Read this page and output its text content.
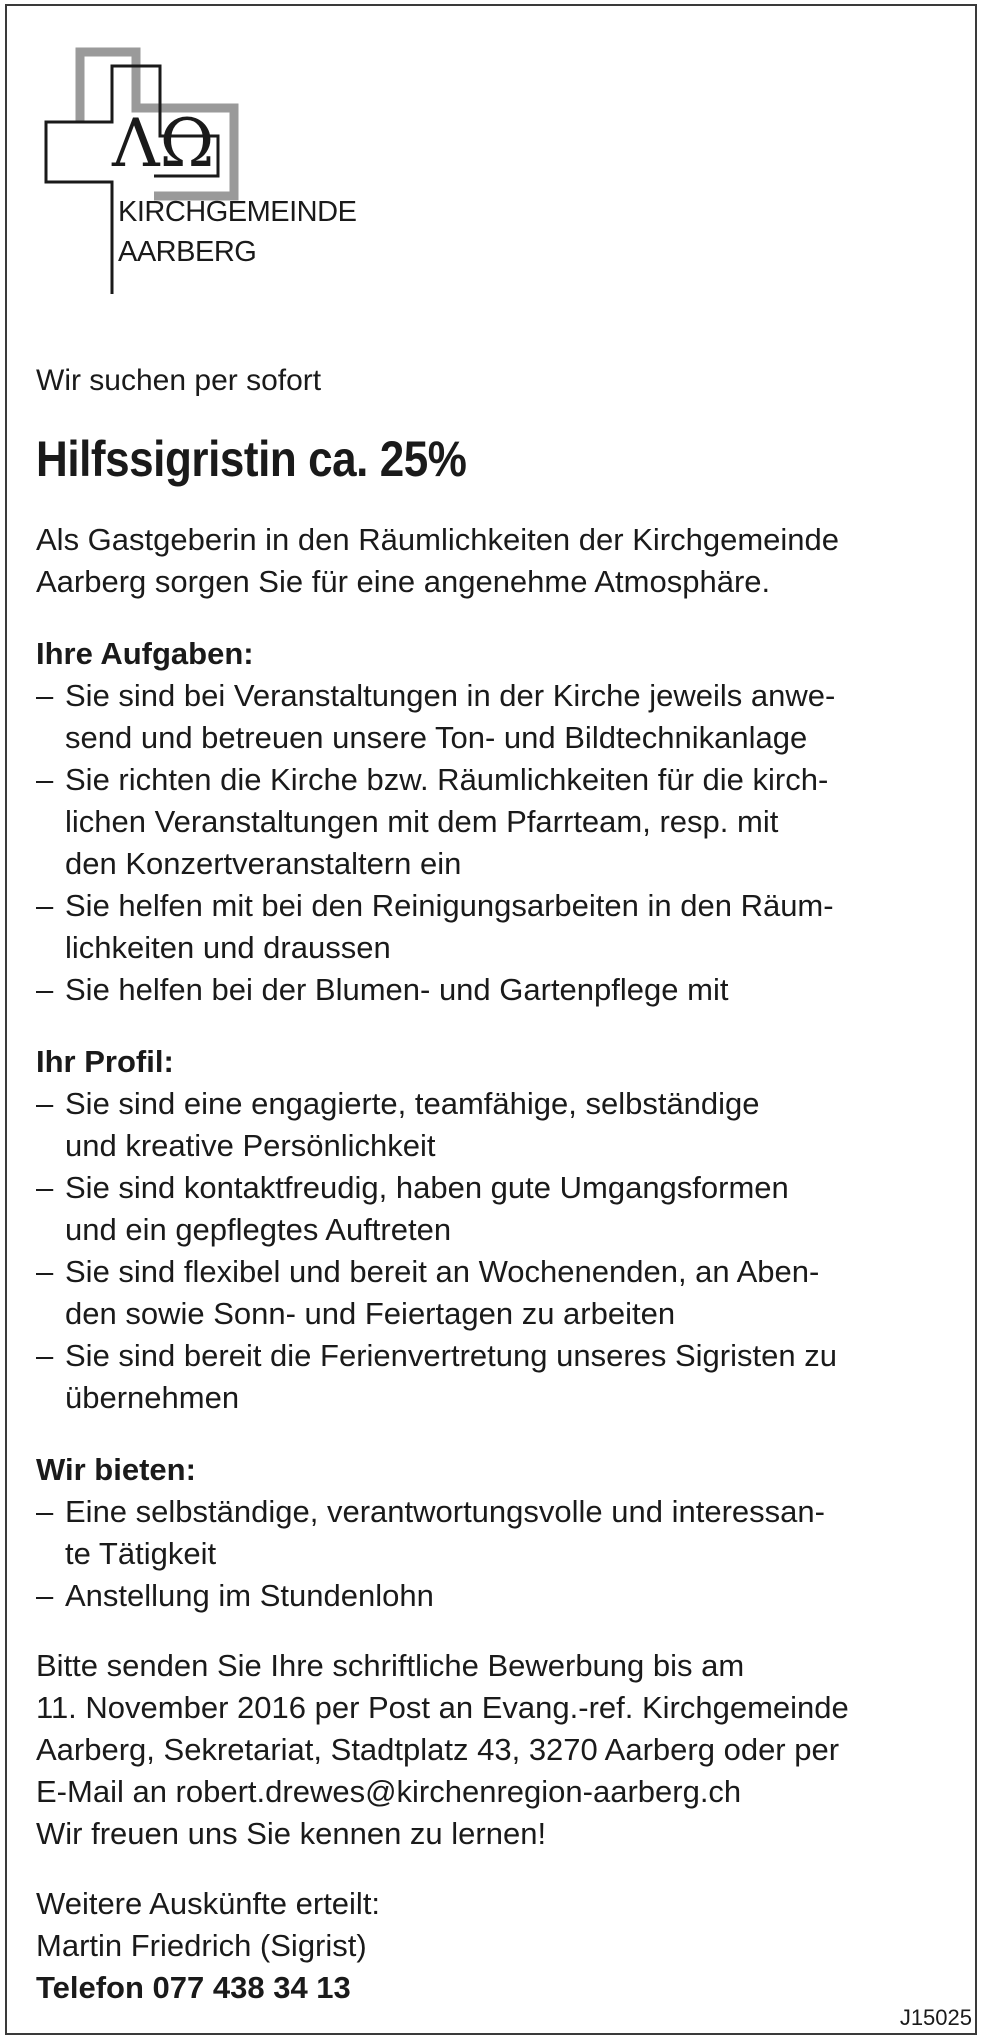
ΛΩ
KIRCHGEMEINDE
AARBERG

Wir suchen per sofort

Hilfssigristin ca. 25%

Als Gastgeberin in den Räumlichkeiten der Kirchgemeinde

Aarberg sorgen Sie für eine angenehme Atmosphäre.

Ihre Aufgaben:

– Sie sind bei Veranstaltungen in der Kirche jeweils anwe-
send und betreuen unsere Ton- und Bildtechnikanlage
– Sie richten die Kirche bzw. Räumlichkeiten für die kirch-
lichen Veranstaltungen mit dem Pfarrteam, resp. mit
den Konzertveranstaltern ein
– Sie helfen mit bei den Reinigungsarbeiten in den Räum-
lichkeiten und draussen
– Sie helfen bei der Blumen- und Gartenpflege mit

Ihr Profil:

– Sie sind eine engagierte, teamfähige, selbständige
und kreative Persönlichkeit
– Sie sind kontaktfreudig, haben gute Umgangsformen
und ein gepflegtes Auftreten
– Sie sind flexibel und bereit an Wochenenden, an Aben-
den sowie Sonn- und Feiertagen zu arbeiten
– Sie sind bereit die Ferienvertretung unseres Sigristen zu
übernehmen

Wir bieten:

– Eine selbständige, verantwortungsvolle und interessan-
te Tätigkeit
– Anstellung im Stundenlohn

Bitte senden Sie Ihre schriftliche Bewerbung bis am

11. November 2016 per Post an Evang.-ref. Kirchgemeinde

Aarberg, Sekretariat, Stadtplatz 43, 3270 Aarberg oder per

E-Mail an robert.drewes@kirchenregion-aarberg.ch

Wir freuen uns Sie kennen zu lernen!

Weitere Auskünfte erteilt:

Martin Friedrich (Sigrist)

Telefon 077 438 34 13

J15025
